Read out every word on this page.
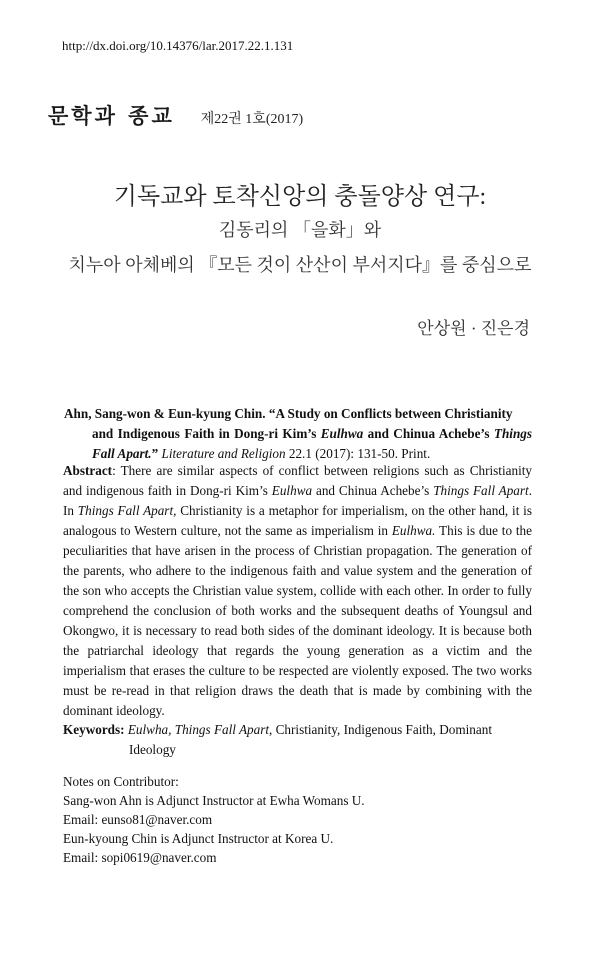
http://dx.doi.org/10.14376/lar.2017.22.1.131
문학과 종교 제22권 1호(2017)
기독교와 토착신앙의 충돌양상 연구:
김동리의 「을화」와
치누아 아체베의 『모든 것이 산산이 부서지다』를 중심으로
안상원 · 진은경
Ahn, Sang-won & Eun-kyung Chin. “A Study on Conflicts between Christianity
and Indigenous Faith in Dong-ri Kim’s Eulhwa and Chinua Achebe’s Things Fall Apart.” Literature and Religion 22.1 (2017): 131-50. Print.
Abstract: There are similar aspects of conflict between religions such as Christianity and indigenous faith in Dong-ri Kim’s Eulhwa and Chinua Achebe’s Things Fall Apart. In Things Fall Apart, Christianity is a metaphor for imperialism, on the other hand, it is analogous to Western culture, not the same as imperialism in Eulhwa. This is due to the peculiarities that have arisen in the process of Christian propagation. The generation of the parents, who adhere to the indigenous faith and value system and the generation of the son who accepts the Christian value system, collide with each other. In order to fully comprehend the conclusion of both works and the subsequent deaths of Youngsul and Okongwo, it is necessary to read both sides of the dominant ideology. It is because both the patriarchal ideology that regards the young generation as a victim and the imperialism that erases the culture to be respected are violently exposed. The two works must be re-read in that religion draws the death that is made by combining with the dominant ideology.
Keywords: Eulwha, Things Fall Apart, Christianity, Indigenous Faith, Dominant
Ideology
Notes on Contributor:
Sang-won Ahn is Adjunct Instructor at Ewha Womans U.
Email: eunso81@naver.com
Eun-kyoung Chin is Adjunct Instructor at Korea U.
Email: sopi0619@naver.com
